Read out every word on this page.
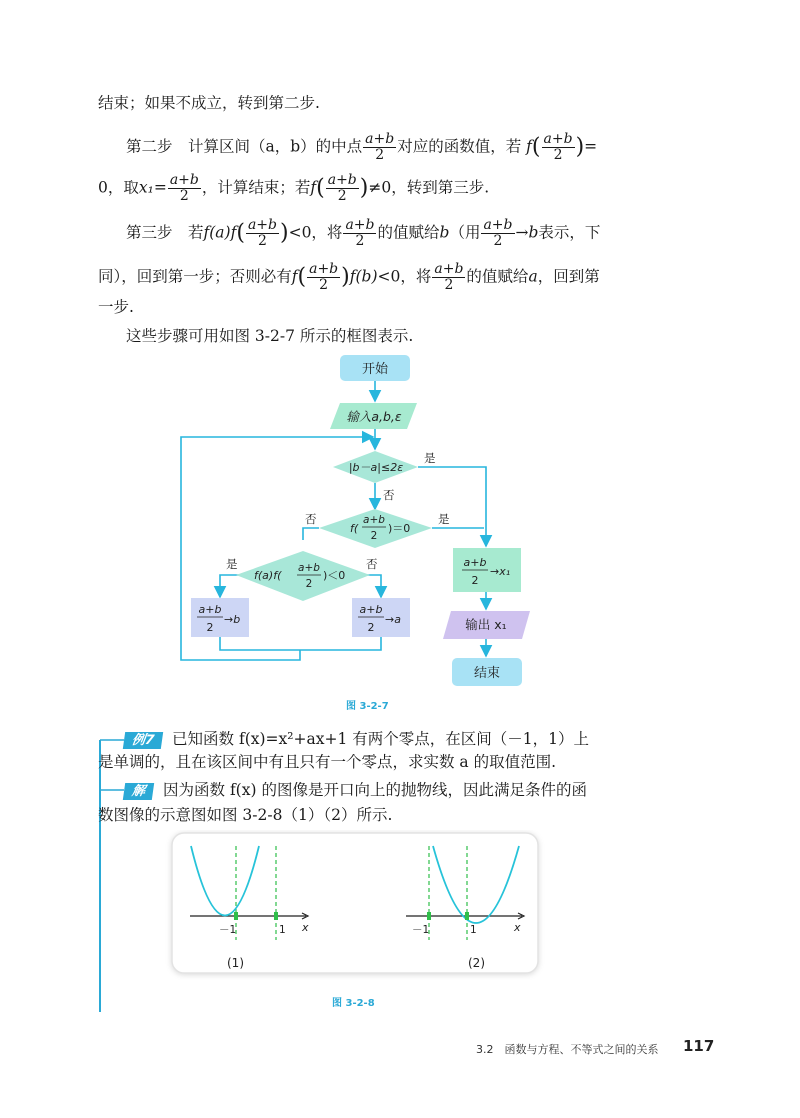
结束；如果不成立，转到第二步.
第二步　计算区间（a，b）的中点 $\frac{a+b}{2}$ 对应的函数值，若 $f( \frac{a+b}{2}$ )=
0，取$x_1= \frac{a+b}{2}$ ，计算结束；若$f( \frac{a+b}{2} )\ne 0$，转到第三步.
第三步　若$f(a)f( \frac{a+b}{2} )<0$，将 $\frac{a+b}{2}$ 的值赋给b（用 $\frac{a+b}{2} \to b$表示，下
同），回到第一步；否则必有$f( \frac{a+b}{2} )f(b)<0$，将 $\frac{a+b}{2}$ 的值赋给a，回到第
一步.
这些步骤可用如图 3-2-7 所示的框图表示.
开始
输入a,b,ε
|b－a|≤2ε
是
否
f(
a+b
2
)＝0
否	是
f(a)f(
a+b
2
)＜0
是	否	a+b
2
→x₁
a+b
2
→b
a+b
2
→a	输出 x₁
结束
图 3-2-7
例7 已知函数 f(x)=x²+ax+1 有两个零点，在区间（－1，1）上
是单调的，且在该区间中有且只有一个零点，求实数 a 的取值范围.
解 因为函数 f(x) 的图像是开口向上的抛物线，因此满足条件的函
数图像的示意图如图 3-2-8（1）（2）所示.
－1	1 x
(1)
－1	1	x
(2)
图 3-2-8
3.2　函数与方程、不等式之间的关系 117
